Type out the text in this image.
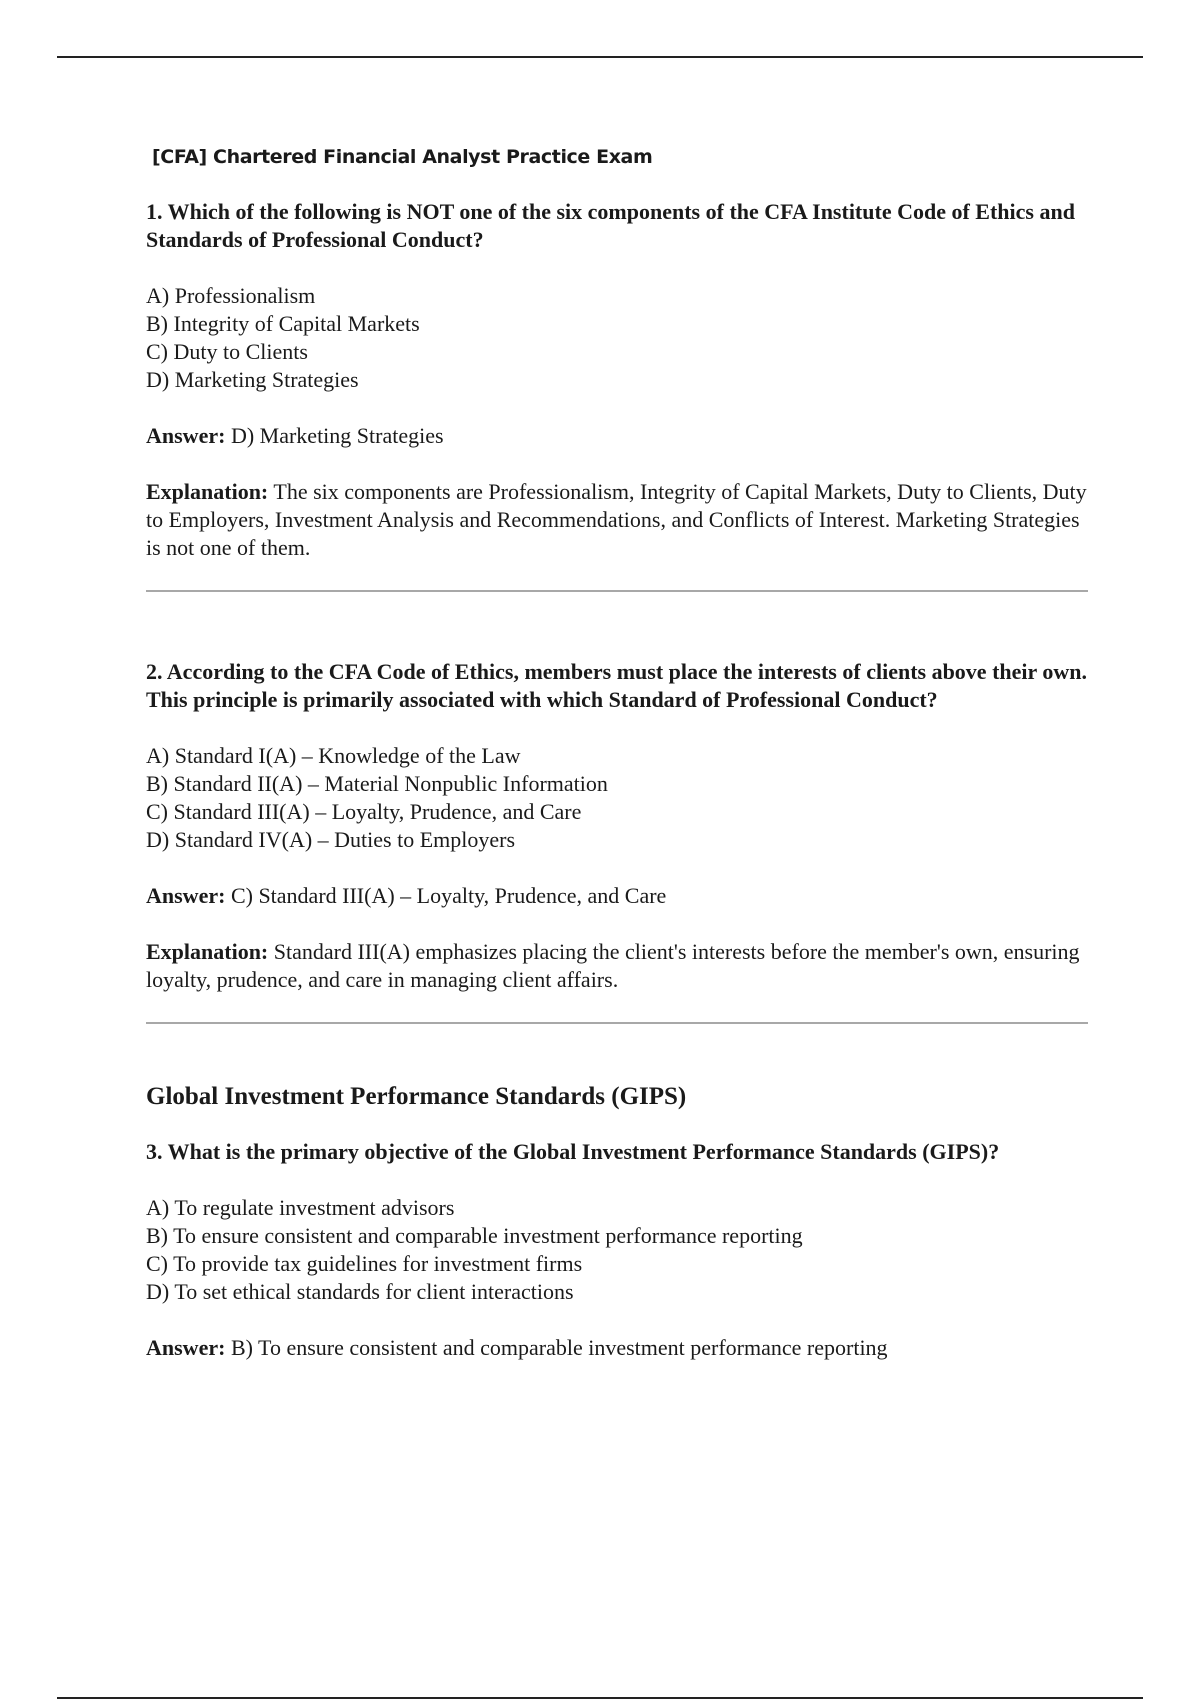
[CFA] Chartered Financial Analyst Practice Exam

1. Which of the following is NOT one of the six components of the CFA Institute Code of Ethics and Standards of Professional Conduct?

A) Professionalism
B) Integrity of Capital Markets
C) Duty to Clients
D) Marketing Strategies

Answer: D) Marketing Strategies

Explanation: The six components are Professionalism, Integrity of Capital Markets, Duty to Clients, Duty to Employers, Investment Analysis and Recommendations, and Conflicts of Interest. Marketing Strategies is not one of them.

2. According to the CFA Code of Ethics, members must place the interests of clients above their own. This principle is primarily associated with which Standard of Professional Conduct?

A) Standard I(A) – Knowledge of the Law
B) Standard II(A) – Material Nonpublic Information
C) Standard III(A) – Loyalty, Prudence, and Care
D) Standard IV(A) – Duties to Employers

Answer: C) Standard III(A) – Loyalty, Prudence, and Care

Explanation: Standard III(A) emphasizes placing the client's interests before the member's own, ensuring loyalty, prudence, and care in managing client affairs.

Global Investment Performance Standards (GIPS)

3. What is the primary objective of the Global Investment Performance Standards (GIPS)?

A) To regulate investment advisors
B) To ensure consistent and comparable investment performance reporting
C) To provide tax guidelines for investment firms
D) To set ethical standards for client interactions

Answer: B) To ensure consistent and comparable investment performance reporting
